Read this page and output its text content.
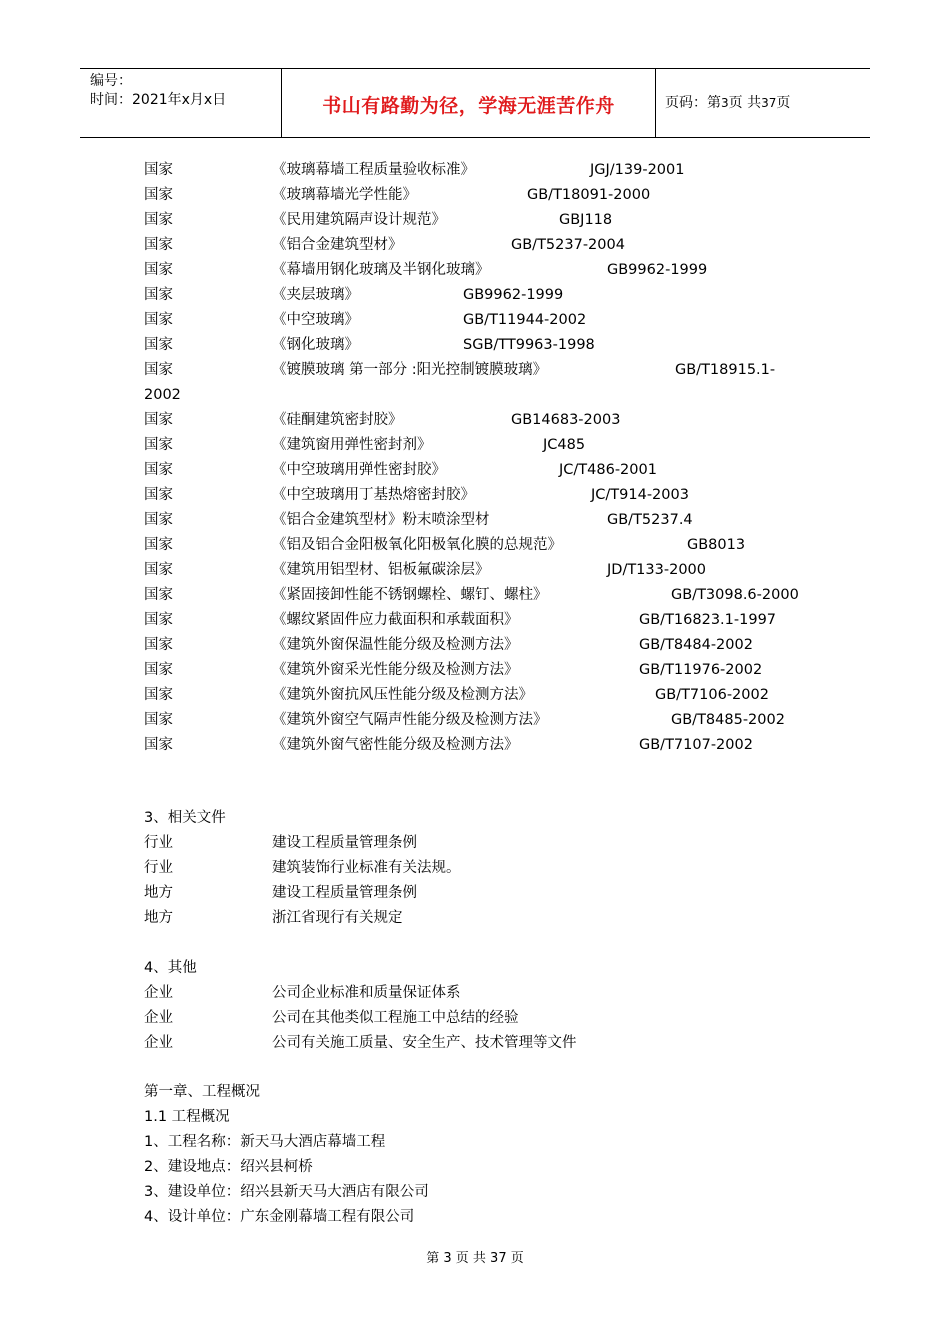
编号：
时间：2021年x月x日	书山有路勤为径，学海无涯苦作舟	页码：第3页 共37页
国家	《玻璃幕墙工程质量验收标准》	JGJ/139-2001
国家	《玻璃幕墙光学性能》	GB/T18091-2000
国家	《民用建筑隔声设计规范》	GBJ118
国家	《铝合金建筑型材》	GB/T5237-2004
国家	《幕墙用钢化玻璃及半钢化玻璃》	GB9962-1999
国家	《夹层玻璃》	GB9962-1999
国家	《中空玻璃》	GB/T11944-2002
国家	《钢化玻璃》	SGB/TT9963-1998
国家	《镀膜玻璃 第一部分 :阳光控制镀膜玻璃》	GB/T18915.1-
2002
国家	《硅酮建筑密封胶》	GB14683-2003
国家	《建筑窗用弹性密封剂》	JC485
国家	《中空玻璃用弹性密封胶》	JC/T486-2001
国家	《中空玻璃用丁基热熔密封胶》	JC/T914-2003
国家	《铝合金建筑型材》粉末喷涂型材	GB/T5237.4
国家	《铝及铝合金阳极氧化阳极氧化膜的总规范》	GB8013
国家	《建筑用铝型材、铝板氟碳涂层》	JD/T133-2000
国家	《紧固接卸性能不锈钢螺栓、螺钉、螺柱》	GB/T3098.6-2000
国家	《螺纹紧固件应力截面积和承载面积》	GB/T16823.1-1997
国家	《建筑外窗保温性能分级及检测方法》	GB/T8484-2002
国家	《建筑外窗采光性能分级及检测方法》	GB/T11976-2002
国家	《建筑外窗抗风压性能分级及检测方法》	GB/T7106-2002
国家	《建筑外窗空气隔声性能分级及检测方法》	GB/T8485-2002
国家	《建筑外窗气密性能分级及检测方法》	GB/T7107-2002
3、相关文件
行业	建设工程质量管理条例
行业	建筑装饰行业标准有关法规。
地方	建设工程质量管理条例
地方	浙江省现行有关规定
4、其他
企业	公司企业标准和质量保证体系
企业	公司在其他类似工程施工中总结的经验
企业	公司有关施工质量、安全生产、技术管理等文件
第一章、工程概况
1.1 工程概况
1、工程名称：新天马大酒店幕墙工程
2、建设地点：绍兴县柯桥
3、建设单位：绍兴县新天马大酒店有限公司
4、设计单位：广东金刚幕墙工程有限公司
第 3 页 共 37 页
